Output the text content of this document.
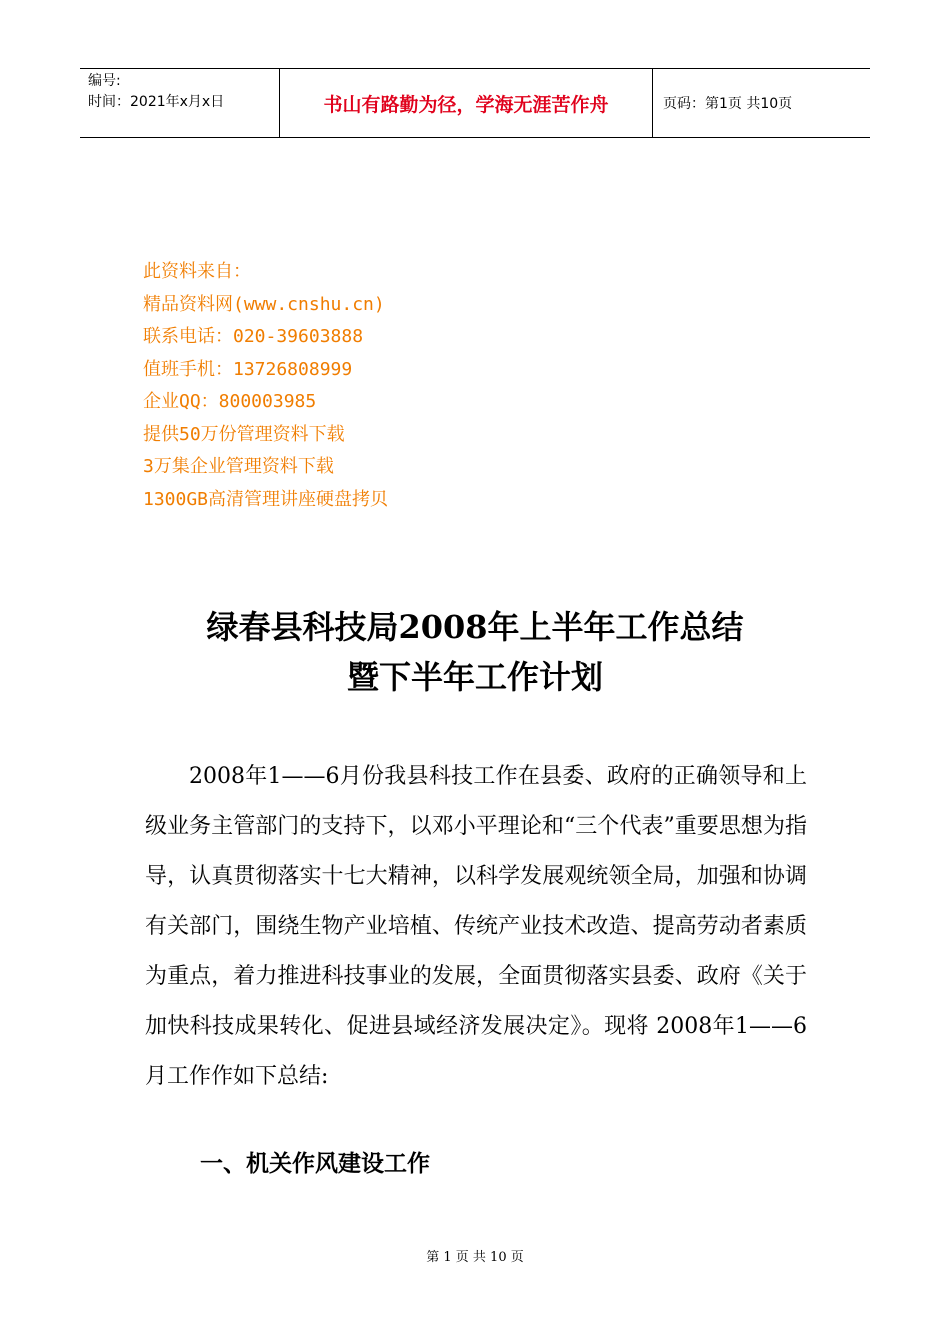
编号:
时间：2021年x月x日	书山有路勤为径，学海无涯苦作舟	页码：第1页 共10页
此资料来自：
精品资料网(www.cnshu.cn)
联系电话：020-39603888
值班手机：13726808999
企业QQ：800003985
提供50万份管理资料下载
3万集企业管理资料下载
1300GB高清管理讲座硬盘拷贝
绿春县科技局2008年上半年工作总结
暨下半年工作计划

2008年1——6月份我县科技工作在县委、政府的正确领导和上级业务主管部门的支持下，以邓小平理论和“三个代表”重要思想为指导，认真贯彻落实十七大精神，以科学发展观统领全局，加强和协调有关部门，围绕生物产业培植、传统产业技术改造、提高劳动者素质为重点，着力推进科技事业的发展，全面贯彻落实县委、政府《关于加快科技成果转化、促进县域经济发展决定》。现将 2008年1——6月工作作如下总结:

一、机关作风建设工作
第 1 页 共 10 页
